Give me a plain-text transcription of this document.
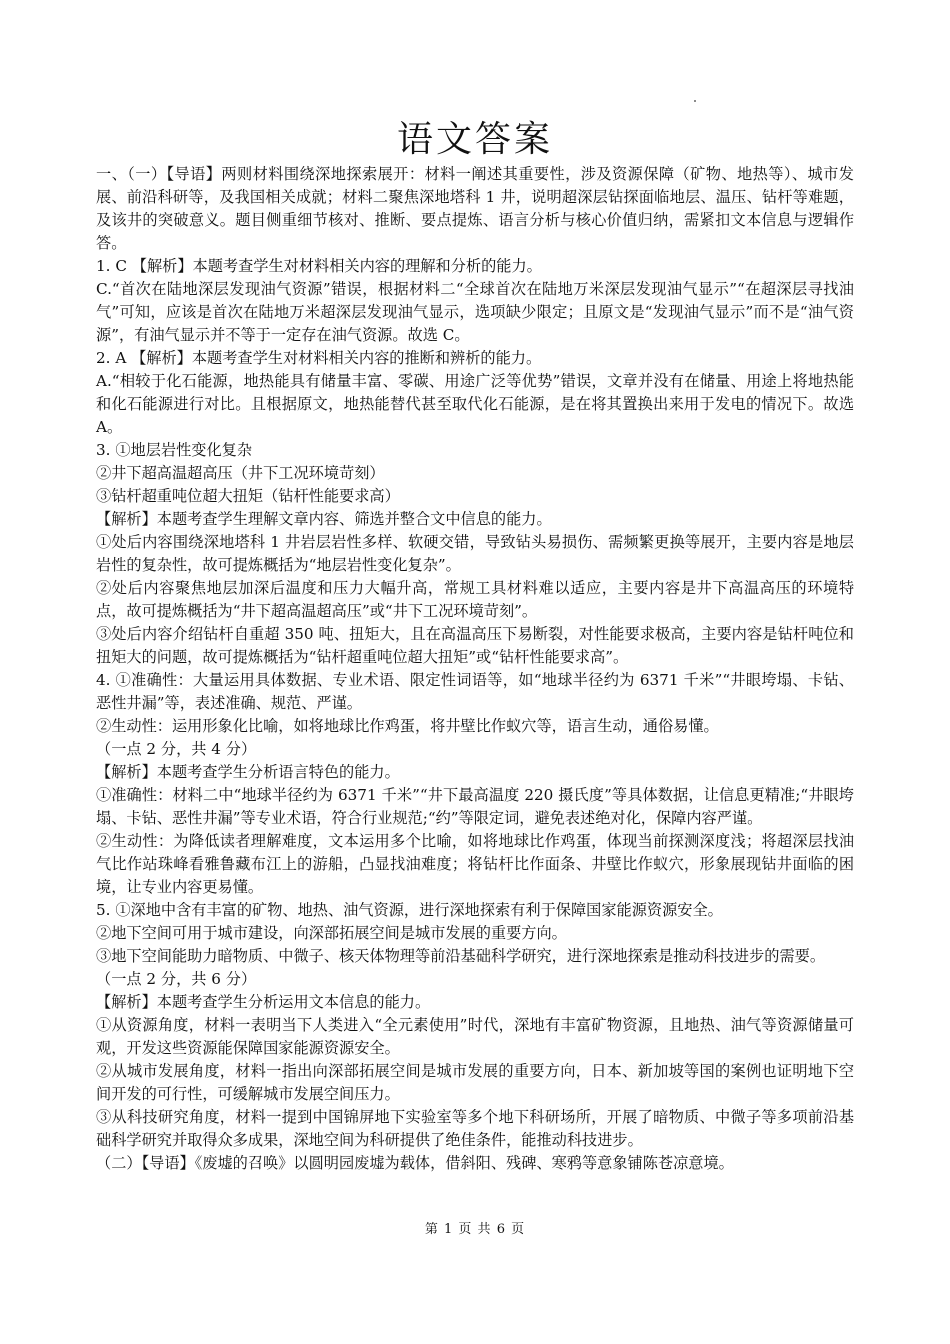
语文答案

一、（一）【导语】两则材料围绕深地探索展开：材料一阐述其重要性，涉及资源保障（矿物、地热等）、城市发展、前沿科研等，及我国相关成就；材料二聚焦深地塔科 1 井，说明超深层钻探面临地层、温压、钻杆等难题，及该井的突破意义。题目侧重细节核对、推断、要点提炼、语言分析与核心价值归纳，需紧扣文本信息与逻辑作答。

1. C 【解析】本题考查学生对材料相关内容的理解和分析的能力。

C.“首次在陆地深层发现油气资源”错误，根据材料二“全球首次在陆地万米深层发现油气显示”“在超深层寻找油气”可知，应该是首次在陆地万米超深层发现油气显示，选项缺少限定；且原文是“发现油气显示”而不是“油气资源”，有油气显示并不等于一定存在油气资源。故选 C。

2. A 【解析】本题考查学生对材料相关内容的推断和辨析的能力。

A.“相较于化石能源，地热能具有储量丰富、零碳、用途广泛等优势”错误，文章并没有在储量、用途上将地热能和化石能源进行对比。且根据原文，地热能替代甚至取代化石能源，是在将其置换出来用于发电的情况下。故选 A。

3. ①地层岩性变化复杂

②井下超高温超高压（井下工况环境苛刻）

③钻杆超重吨位超大扭矩（钻杆性能要求高）

【解析】本题考查学生理解文章内容、筛选并整合文中信息的能力。

①处后内容围绕深地塔科 1 井岩层岩性多样、软硬交错，导致钻头易损伤、需频繁更换等展开，主要内容是地层岩性的复杂性，故可提炼概括为“地层岩性变化复杂”。

②处后内容聚焦地层加深后温度和压力大幅升高，常规工具材料难以适应，主要内容是井下高温高压的环境特点，故可提炼概括为“井下超高温超高压”或“井下工况环境苛刻”。

③处后内容介绍钻杆自重超 350 吨、扭矩大，且在高温高压下易断裂，对性能要求极高，主要内容是钻杆吨位和扭矩大的问题，故可提炼概括为“钻杆超重吨位超大扭矩”或“钻杆性能要求高”。

4. ①准确性：大量运用具体数据、专业术语、限定性词语等，如“地球半径约为 6371 千米”“井眼垮塌、卡钻、恶性井漏”等，表述准确、规范、严谨。

②生动性：运用形象化比喻，如将地球比作鸡蛋，将井壁比作蚁穴等，语言生动，通俗易懂。

（一点 2 分，共 4 分）

【解析】本题考查学生分析语言特色的能力。

①准确性：材料二中“地球半径约为 6371 千米”“井下最高温度 220 摄氏度”等具体数据，让信息更精准;“井眼垮塌、卡钻、恶性井漏”等专业术语，符合行业规范;“约”等限定词，避免表述绝对化，保障内容严谨。

②生动性：为降低读者理解难度，文本运用多个比喻，如将地球比作鸡蛋，体现当前探测深度浅；将超深层找油气比作站珠峰看雅鲁藏布江上的游船，凸显找油难度；将钻杆比作面条、井壁比作蚁穴，形象展现钻井面临的困境，让专业内容更易懂。

5. ①深地中含有丰富的矿物、地热、油气资源，进行深地探索有利于保障国家能源资源安全。

②地下空间可用于城市建设，向深部拓展空间是城市发展的重要方向。

③地下空间能助力暗物质、中微子、核天体物理等前沿基础科学研究，进行深地探索是推动科技进步的需要。

（一点 2 分，共 6 分）

【解析】本题考查学生分析运用文本信息的能力。

①从资源角度，材料一表明当下人类进入“全元素使用”时代，深地有丰富矿物资源，且地热、油气等资源储量可观，开发这些资源能保障国家能源资源安全。

②从城市发展角度，材料一指出向深部拓展空间是城市发展的重要方向，日本、新加坡等国的案例也证明地下空间开发的可行性，可缓解城市发展空间压力。

③从科技研究角度，材料一提到中国锦屏地下实验室等多个地下科研场所，开展了暗物质、中微子等多项前沿基础科学研究并取得众多成果，深地空间为科研提供了绝佳条件，能推动科技进步。

（二）【导语】《废墟的召唤》以圆明园废墟为载体，借斜阳、残碑、寒鸦等意象铺陈苍凉意境。

第 1 页 共 6 页
